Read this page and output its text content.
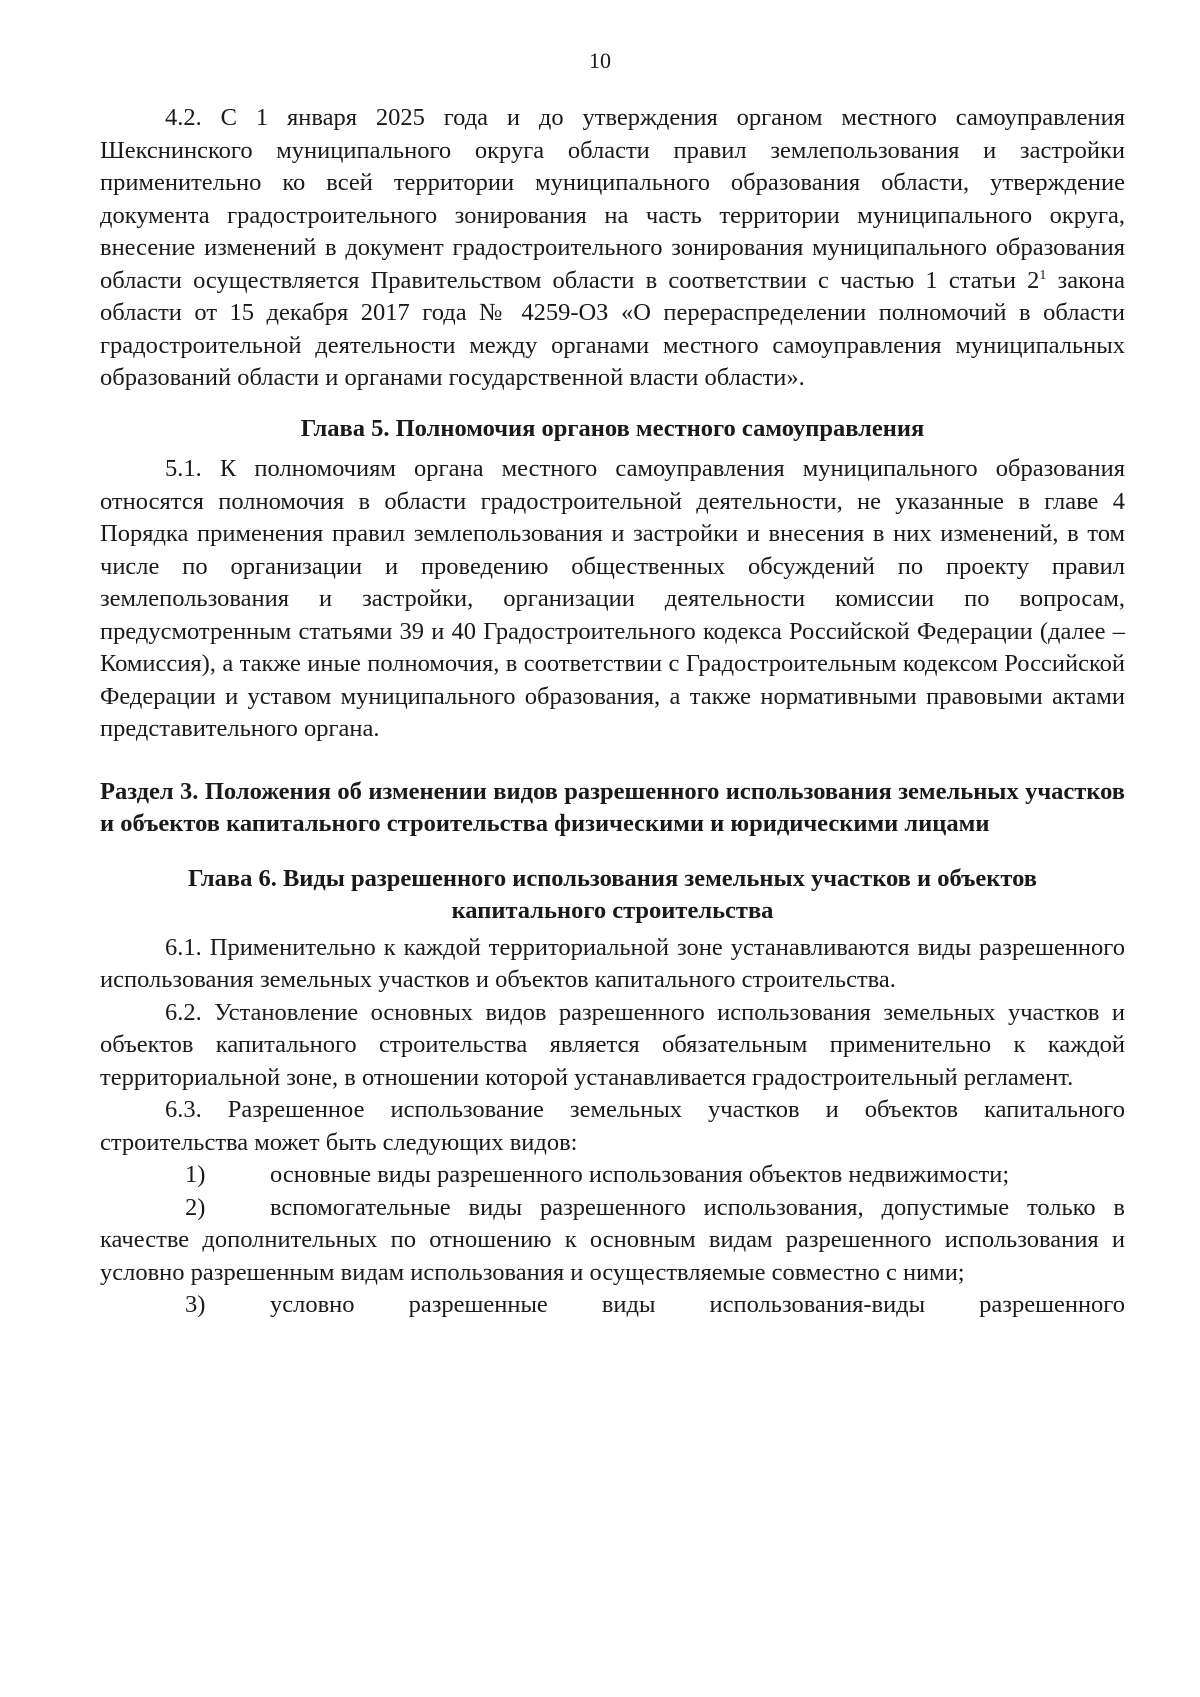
10

4.2. С 1 января 2025 года и до утверждения органом местного самоуправления Шекснинского муниципального округа области правил землепользования и застройки применительно ко всей территории муниципального образования области, утверждение документа градостроительного зонирования на часть территории муниципального округа, внесение изменений в документ градостроительного зонирования муниципального образования области осуществляется Правительством области в соответствии с частью 1 статьи $2^1$ закона области от 15 декабря 2017 года № 4259-ОЗ «О перераспределении полномочий в области градостроительной деятельности между органами местного самоуправления муниципальных образований области и органами государственной власти области».

Глава 5. Полномочия органов местного самоуправления

5.1. К полномочиям органа местного самоуправления муниципального образования относятся полномочия в области градостроительной деятельности, не указанные в главе 4 Порядка применения правил землепользования и застройки и внесения в них изменений, в том числе по организации и проведению общественных обсуждений по проекту правил землепользования и застройки, организации деятельности комиссии по вопросам, предусмотренным статьями 39 и 40 Градостроительного кодекса Российской Федерации (далее – Комиссия), а также иные полномочия, в соответствии с Градостроительным кодексом Российской Федерации и уставом муниципального образования, а также нормативными правовыми актами представительного органа.

Раздел 3. Положения об изменении видов разрешенного использования земельных участков и объектов капитального строительства физическими и юридическими лицами

Глава 6. Виды разрешенного использования земельных участков и объектов капитального строительства

6.1. Применительно к каждой территориальной зоне устанавливаются виды разрешенного использования земельных участков и объектов капитального строительства.

6.2. Установление основных видов разрешенного использования земельных участков и объектов капитального строительства является обязательным применительно к каждой территориальной зоне, в отношении которой устанавливается градостроительный регламент.

6.3. Разрешенное использование земельных участков и объектов капитального строительства может быть следующих видов:

1)	основные виды разрешенного использования объектов недвижимости;

2)	вспомогательные виды разрешенного использования, допустимые только в качестве дополнительных по отношению к основным видам разрешенного использования и условно разрешенным видам использования и осуществляемые совместно с ними;

3)	условно разрешенные виды использования-виды разрешенного
